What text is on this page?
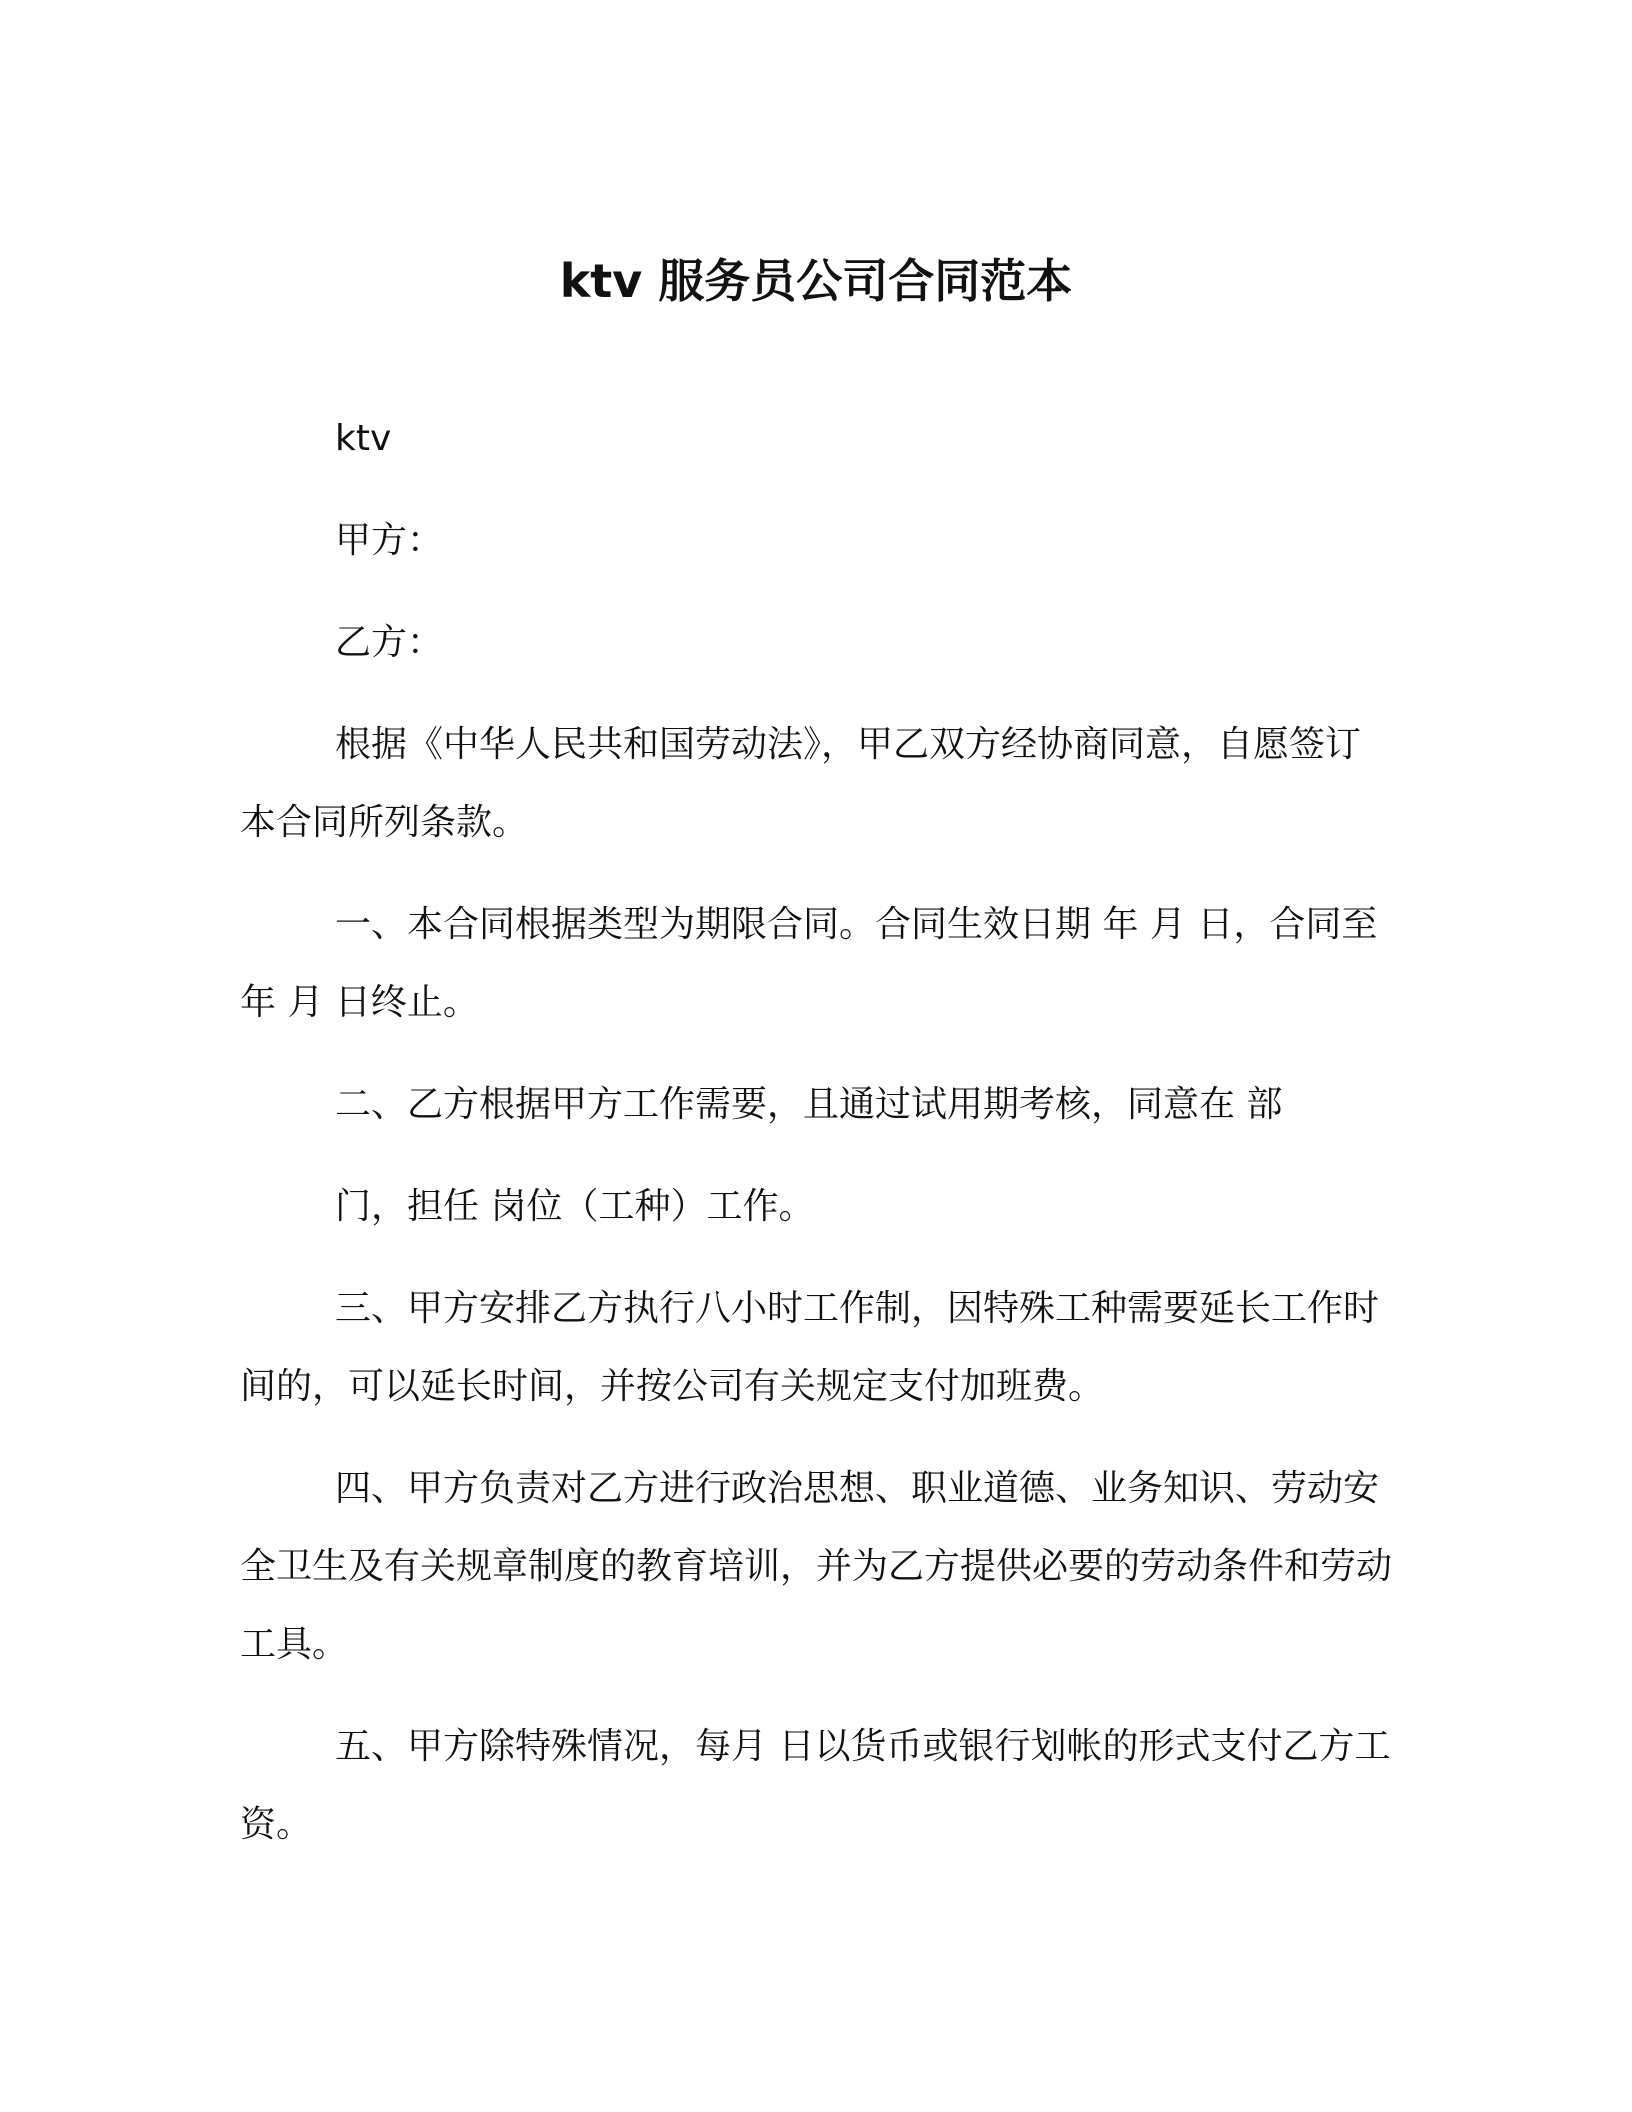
ktv 服务员公司合同范本

ktv

甲方：

乙方：

根据《中华人民共和国劳动法》，甲乙双方经协商同意，自愿签订本合同所列条款。

一、本合同根据类型为期限合同。合同生效日期 年 月 日，合同至 年 月 日终止。

二、乙方根据甲方工作需要，且通过试用期考核，同意在 部

门，担任 岗位（工种）工作。

三、甲方安排乙方执行八小时工作制，因特殊工种需要延长工作时间的，可以延长时间，并按公司有关规定支付加班费。

四、甲方负责对乙方进行政治思想、职业道德、业务知识、劳动安全卫生及有关规章制度的教育培训，并为乙方提供必要的劳动条件和劳动工具。

五、甲方除特殊情况，每月 日以货币或银行划帐的形式支付乙方工资。
